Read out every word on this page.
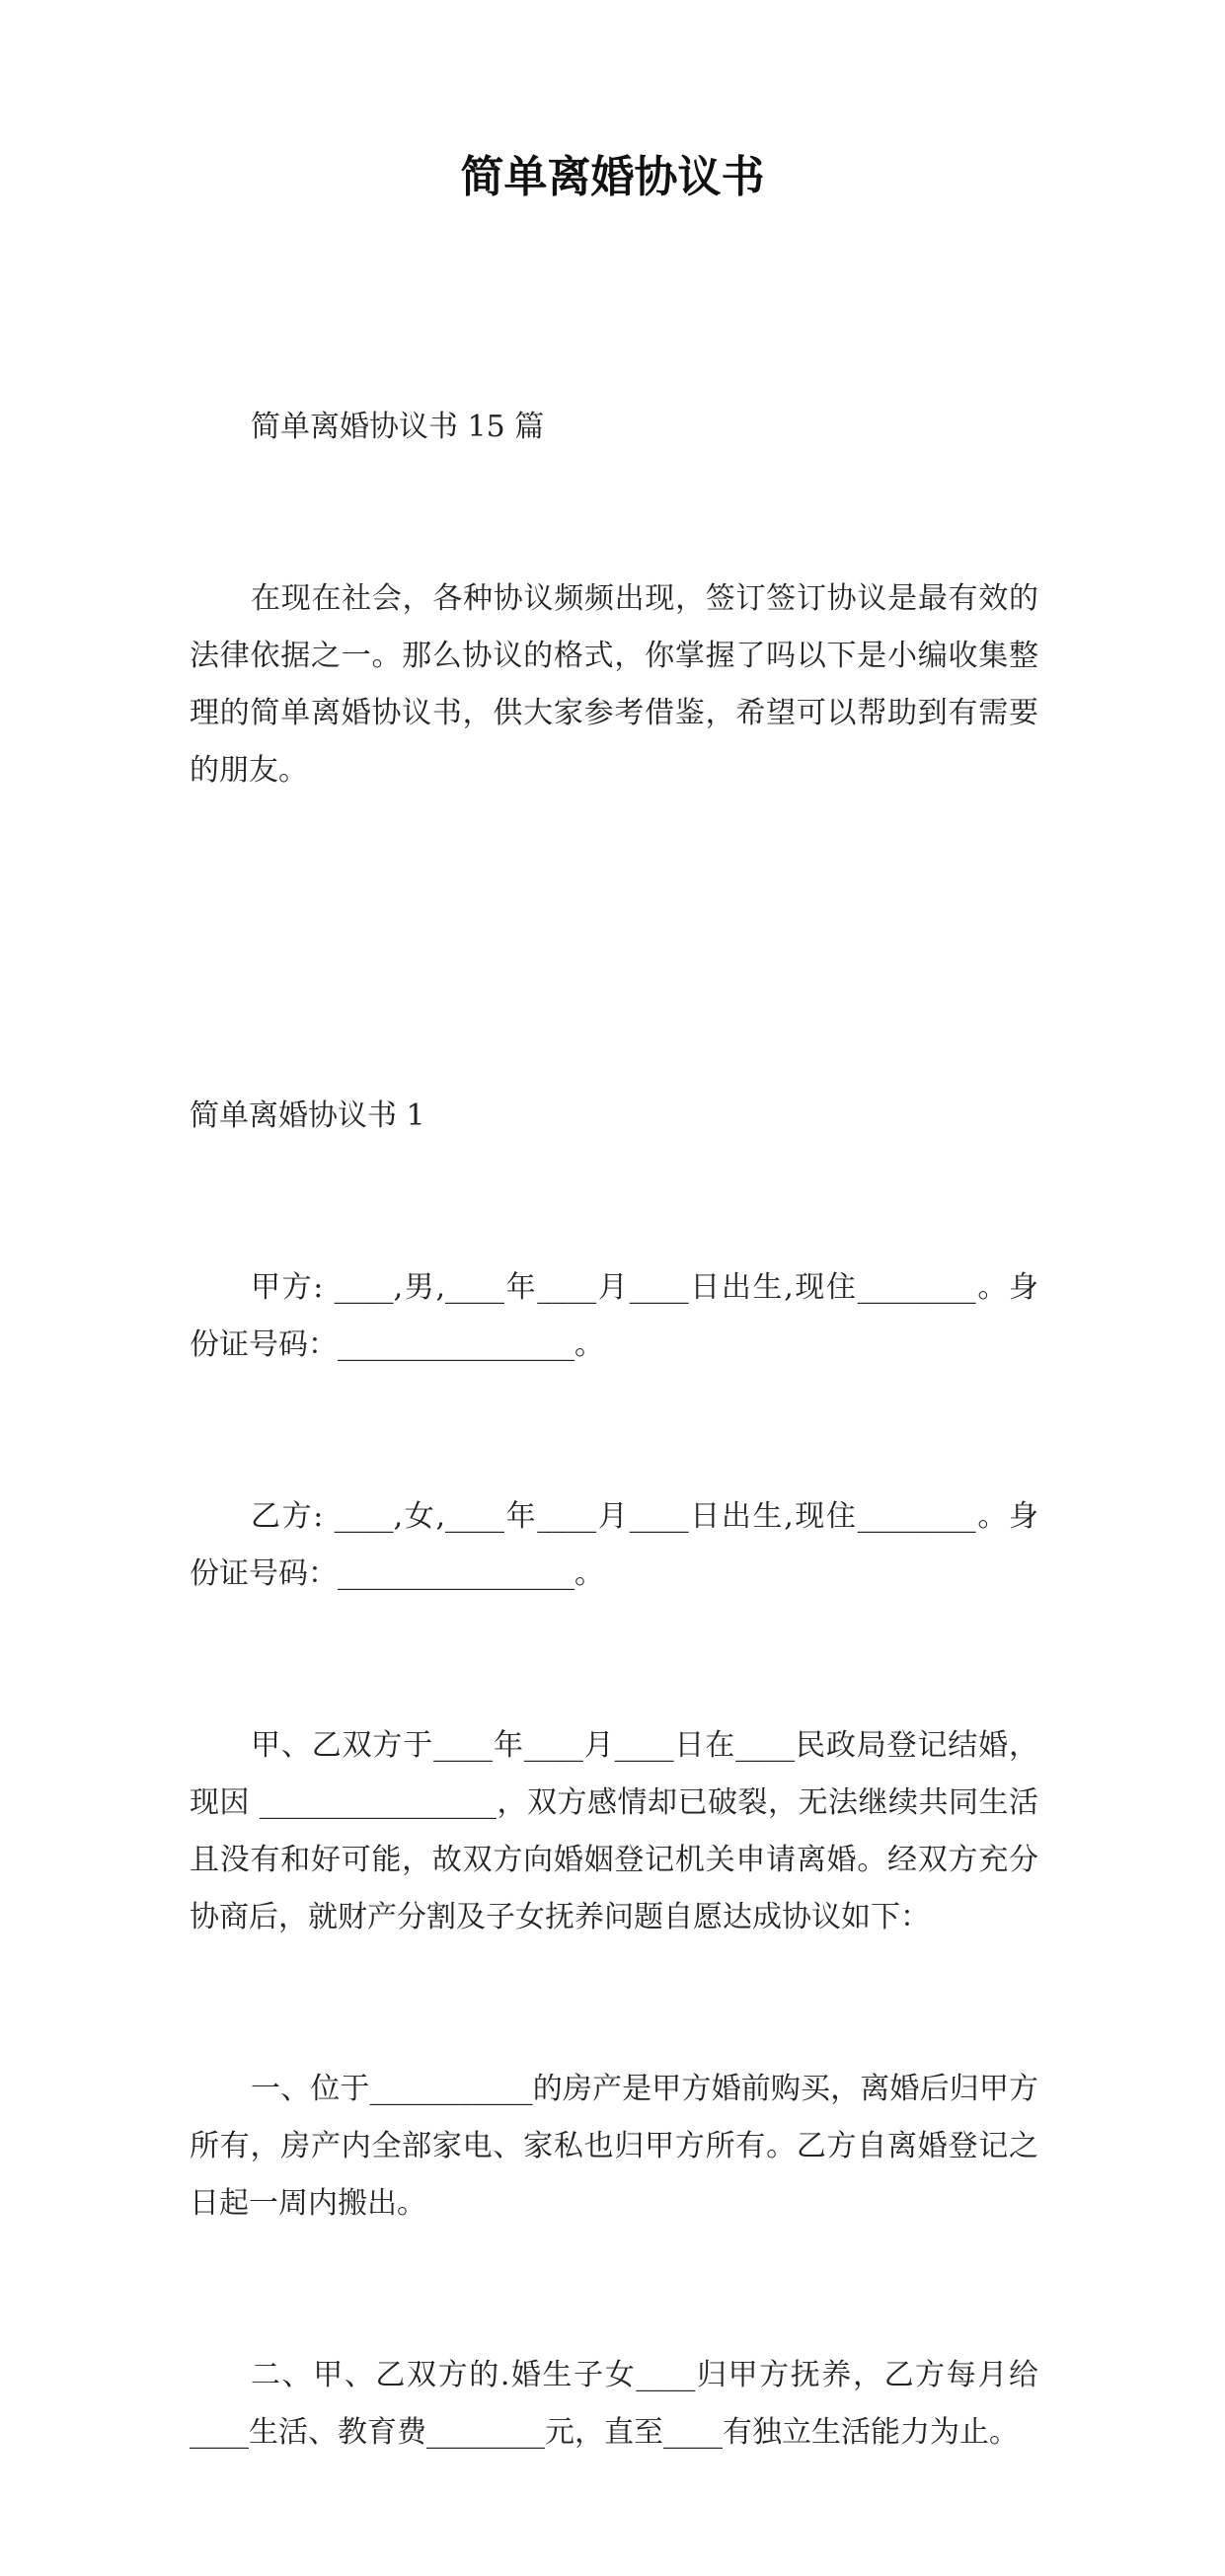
简单离婚协议书

简单离婚协议书 15 篇

在现在社会，各种协议频频出现，签订签订协议是最有效的法律依据之一。那么协议的格式，你掌握了吗以下是小编收集整理的简单离婚协议书，供大家参考借鉴，希望可以帮助到有需要的朋友。

简单离婚协议书 1

甲方: ____,男,____年____月____日出生,现住________。身份证号码：________________。

乙方: ____,女,____年____月____日出生,现住________。身份证号码：________________。

甲、乙双方于____年____月____日在____民政局登记结婚，现因 ________________，双方感情却已破裂，无法继续共同生活且没有和好可能，故双方向婚姻登记机关申请离婚。经双方充分协商后，就财产分割及子女抚养问题自愿达成协议如下：

一、位于___________的房产是甲方婚前购买，离婚后归甲方所有，房产内全部家电、家私也归甲方所有。乙方自离婚登记之日起一周内搬出。

二、甲、乙双方的.婚生子女____归甲方抚养，乙方每月给____生活、教育费________元，直至____有独立生活能力为止。
